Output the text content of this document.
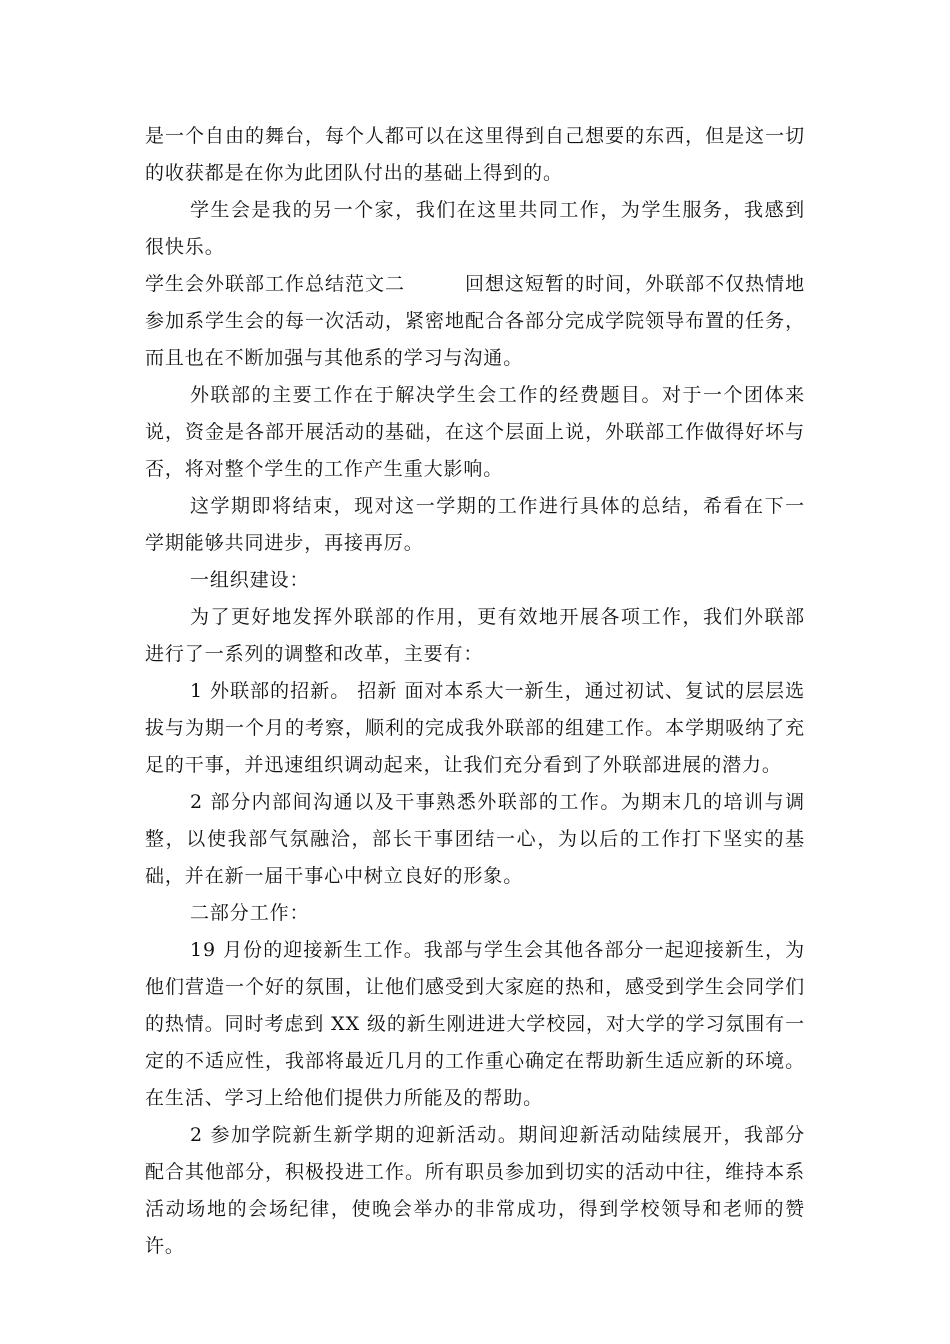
是一个自由的舞台，每个人都可以在这里得到自己想要的东西，但是这一切的收获都是在你为此团队付出的基础上得到的。

学生会是我的另一个家，我们在这里共同工作，为学生服务，我感到很快乐。

学生会外联部工作总结范文二　　　回想这短暂的时间，外联部不仅热情地参加系学生会的每一次活动，紧密地配合各部分完成学院领导布置的任务，而且也在不断加强与其他系的学习与沟通。

外联部的主要工作在于解决学生会工作的经费题目。对于一个团体来说，资金是各部开展活动的基础，在这个层面上说，外联部工作做得好坏与否，将对整个学生的工作产生重大影响。

这学期即将结束，现对这一学期的工作进行具体的总结，希看在下一学期能够共同进步，再接再厉。

一组织建设：

为了更好地发挥外联部的作用，更有效地开展各项工作，我们外联部进行了一系列的调整和改革，主要有：

1 外联部的招新。 招新 面对本系大一新生，通过初试、复试的层层选拔与为期一个月的考察，顺利的完成我外联部的组建工作。本学期吸纳了充足的干事，并迅速组织调动起来，让我们充分看到了外联部进展的潜力。

2 部分内部间沟通以及干事熟悉外联部的工作。为期末几的培训与调整，以使我部气氛融洽，部长干事团结一心，为以后的工作打下坚实的基础，并在新一届干事心中树立良好的形象。

二部分工作：

19 月份的迎接新生工作。我部与学生会其他各部分一起迎接新生，为他们营造一个好的氛围，让他们感受到大家庭的热和，感受到学生会同学们的热情。同时考虑到 XX 级的新生刚进进大学校园，对大学的学习氛围有一定的不适应性，我部将最近几月的工作重心确定在帮助新生适应新的环境。在生活、学习上给他们提供力所能及的帮助。

2 参加学院新生新学期的迎新活动。期间迎新活动陆续展开，我部分配合其他部分，积极投进工作。所有职员参加到切实的活动中往，维持本系活动场地的会场纪律，使晚会举办的非常成功，得到学校领导和老师的赞许。
